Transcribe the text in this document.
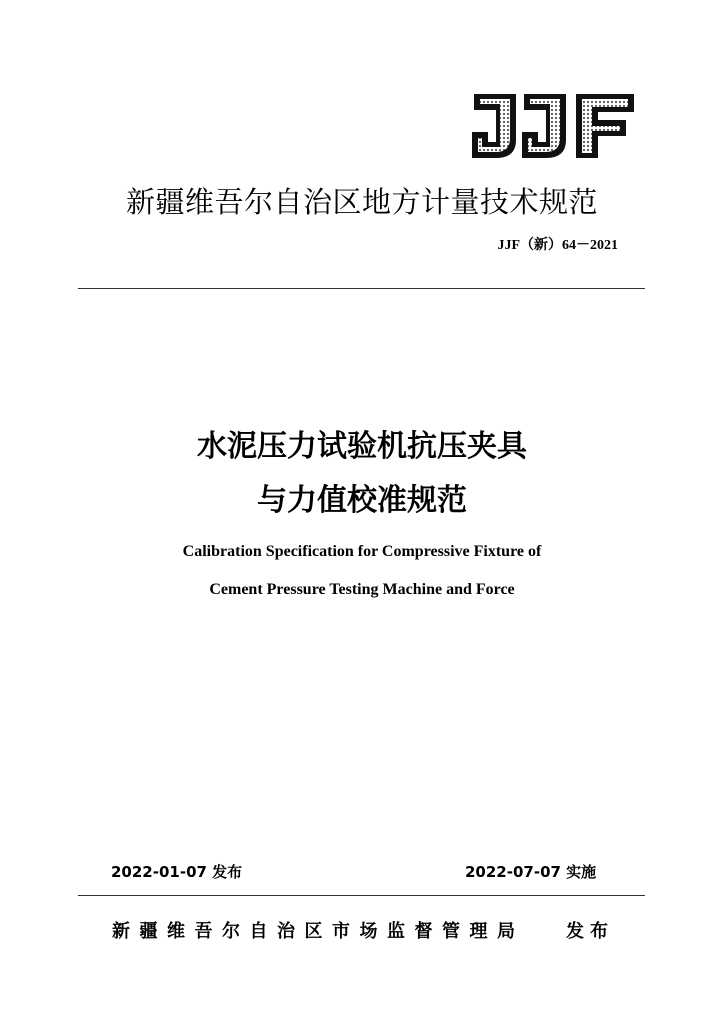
新疆维吾尔自治区地方计量技术规范
JJF（新）64－2021
水泥压力试验机抗压夹具
与力值校准规范
Calibration Specification for Compressive Fixture of
Cement Pressure Testing Machine and Force
2022-01-07 发布	2022-07-07 实施
新疆维吾尔自治区市场监督管理局 发布
